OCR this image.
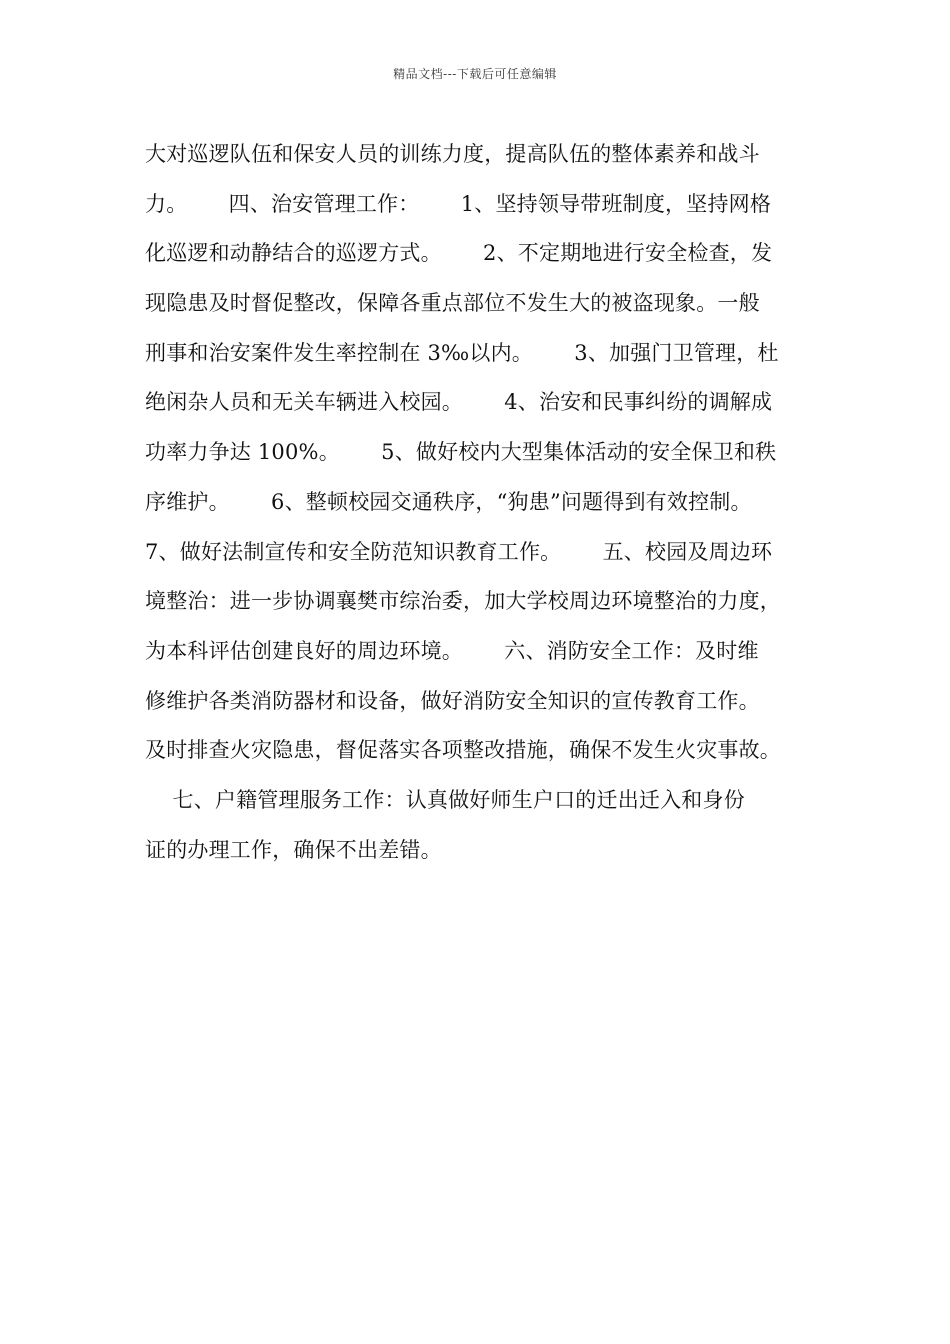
精品文档---下载后可任意编辑
大对巡逻队伍和保安人员的训练力度，提高队伍的整体素养和战斗
力。      四、治安管理工作：      1、坚持领导带班制度，坚持网格
化巡逻和动静结合的巡逻方式。      2、不定期地进行安全检查，发
现隐患及时督促整改，保障各重点部位不发生大的被盗现象。一般
刑事和治安案件发生率控制在 3‰以内。      3、加强门卫管理，杜
绝闲杂人员和无关车辆进入校园。      4、治安和民事纠纷的调解成
功率力争达 100%。      5、做好校内大型集体活动的安全保卫和秩
序维护。      6、整顿校园交通秩序，“狗患”问题得到有效控制。
7、做好法制宣传和安全防范知识教育工作。      五、校园及周边环
境整治：进一步协调襄樊市综治委，加大学校周边环境整治的力度，
为本科评估创建良好的周边环境。      六、消防安全工作：及时维
修维护各类消防器材和设备，做好消防安全知识的宣传教育工作。
及时排查火灾隐患，督促落实各项整改措施，确保不发生火灾事故。
七、户籍管理服务工作：认真做好师生户口的迁出迁入和身份
证的办理工作，确保不出差错。
